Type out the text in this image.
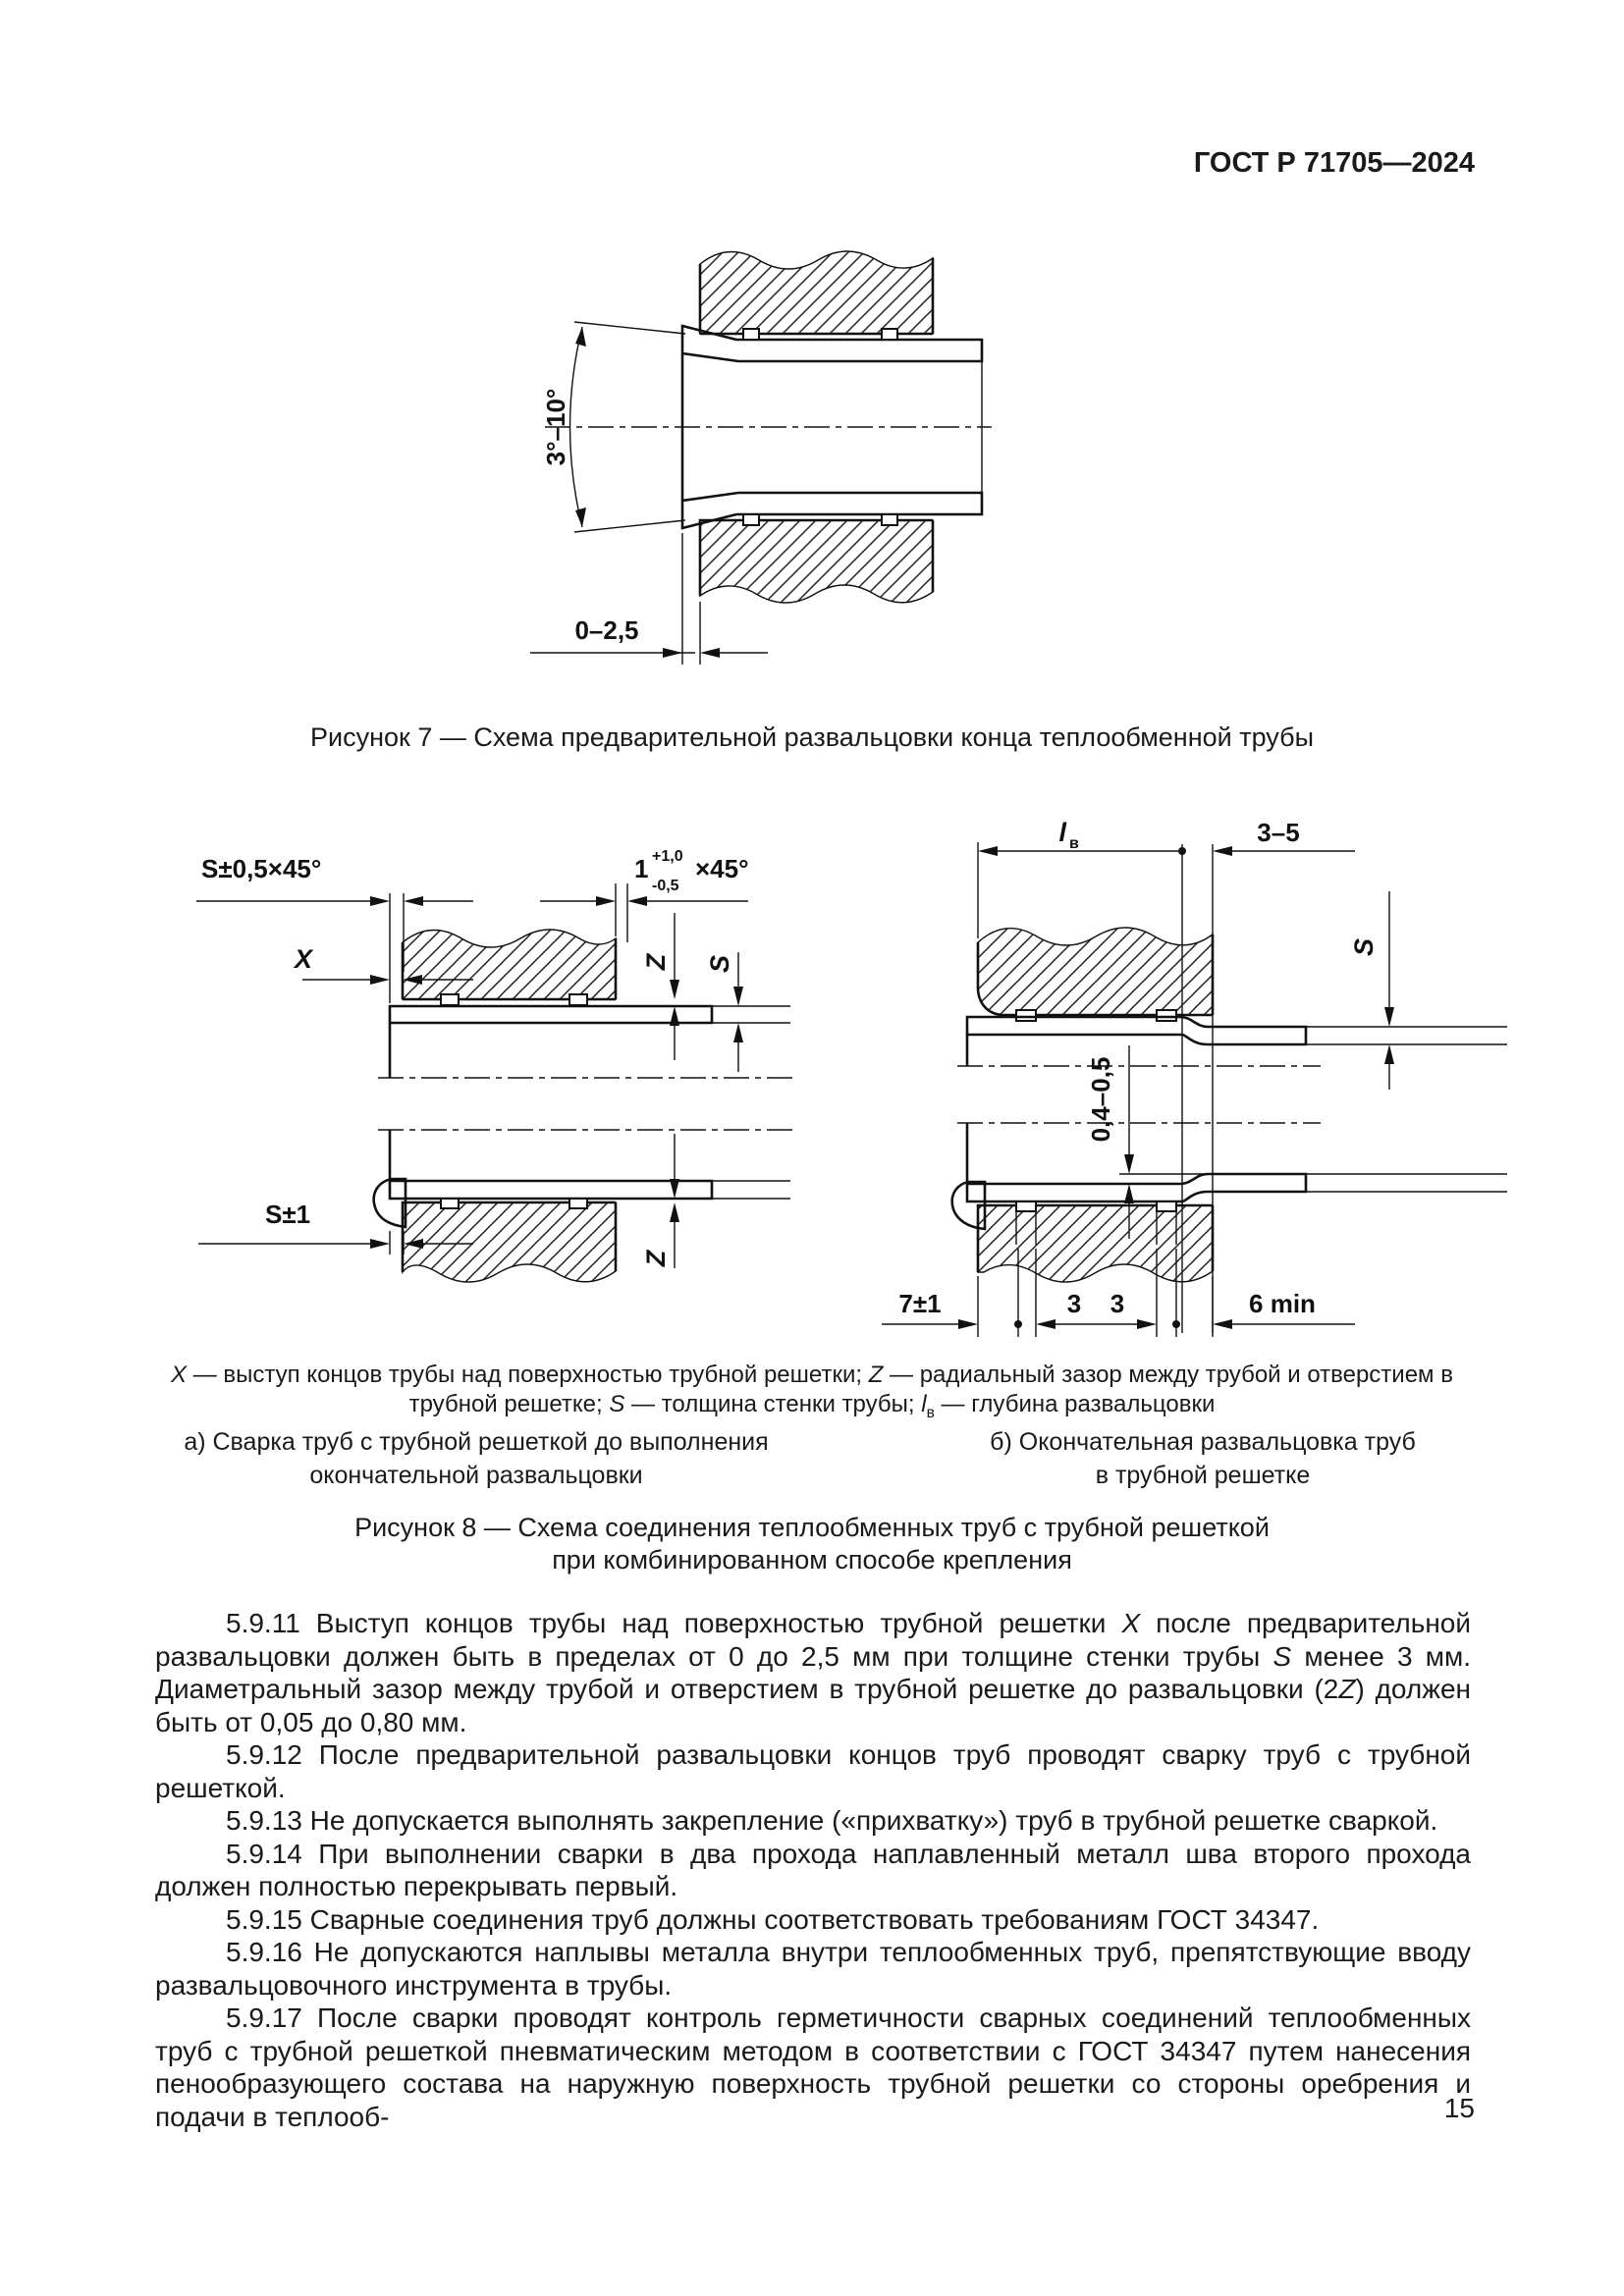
ГОСТ Р 71705—2024
3°–10°
0–2,5
Рисунок 7 — Схема предварительной развальцовки конца теплообменной трубы
S±0,5×45°	1 +1,0
-0,5
×45°
X	Z S
S±1
Z
l в	3–5
S
0,4–0,5
7±1	3 3	6 min
X — выступ концов трубы над поверхностью трубной решетки; Z — радиальный зазор между трубой и отверстием в трубной решетке; S — толщина стенки трубы; $l_в$ — глубина развальцовки
а) Сварка труб с трубной решеткой до выполнения
окончательной развальцовки
б) Окончательная развальцовка труб
в трубной решетке
Рисунок 8 — Схема соединения теплообменных труб с трубной решеткой
при комбинированном способе крепления

5.9.11 Выступ концов трубы над поверхностью трубной решетки X после предварительной развальцовки должен быть в пределах от 0 до 2,5 мм при толщине стенки трубы S менее 3 мм. Диаметральный зазор между трубой и отверстием в трубной решетке до развальцовки (2Z) должен быть от 0,05 до 0,80 мм.

5.9.12 После предварительной развальцовки концов труб проводят сварку труб с трубной решеткой.

5.9.13 Не допускается выполнять закрепление («прихватку») труб в трубной решетке сваркой.

5.9.14 При выполнении сварки в два прохода наплавленный металл шва второго прохода должен полностью перекрывать первый.

5.9.15 Сварные соединения труб должны соответствовать требованиям ГОСТ 34347.

5.9.16 Не допускаются наплывы металла внутри теплообменных труб, препятствующие вводу развальцовочного инструмента в трубы.

5.9.17 После сварки проводят контроль герметичности сварных соединений теплообменных труб с трубной решеткой пневматическим методом в соответствии с ГОСТ 34347 путем нанесения пенообразующего состава на наружную поверхность трубной решетки со стороны оребрения и подачи в теплооб-	15
